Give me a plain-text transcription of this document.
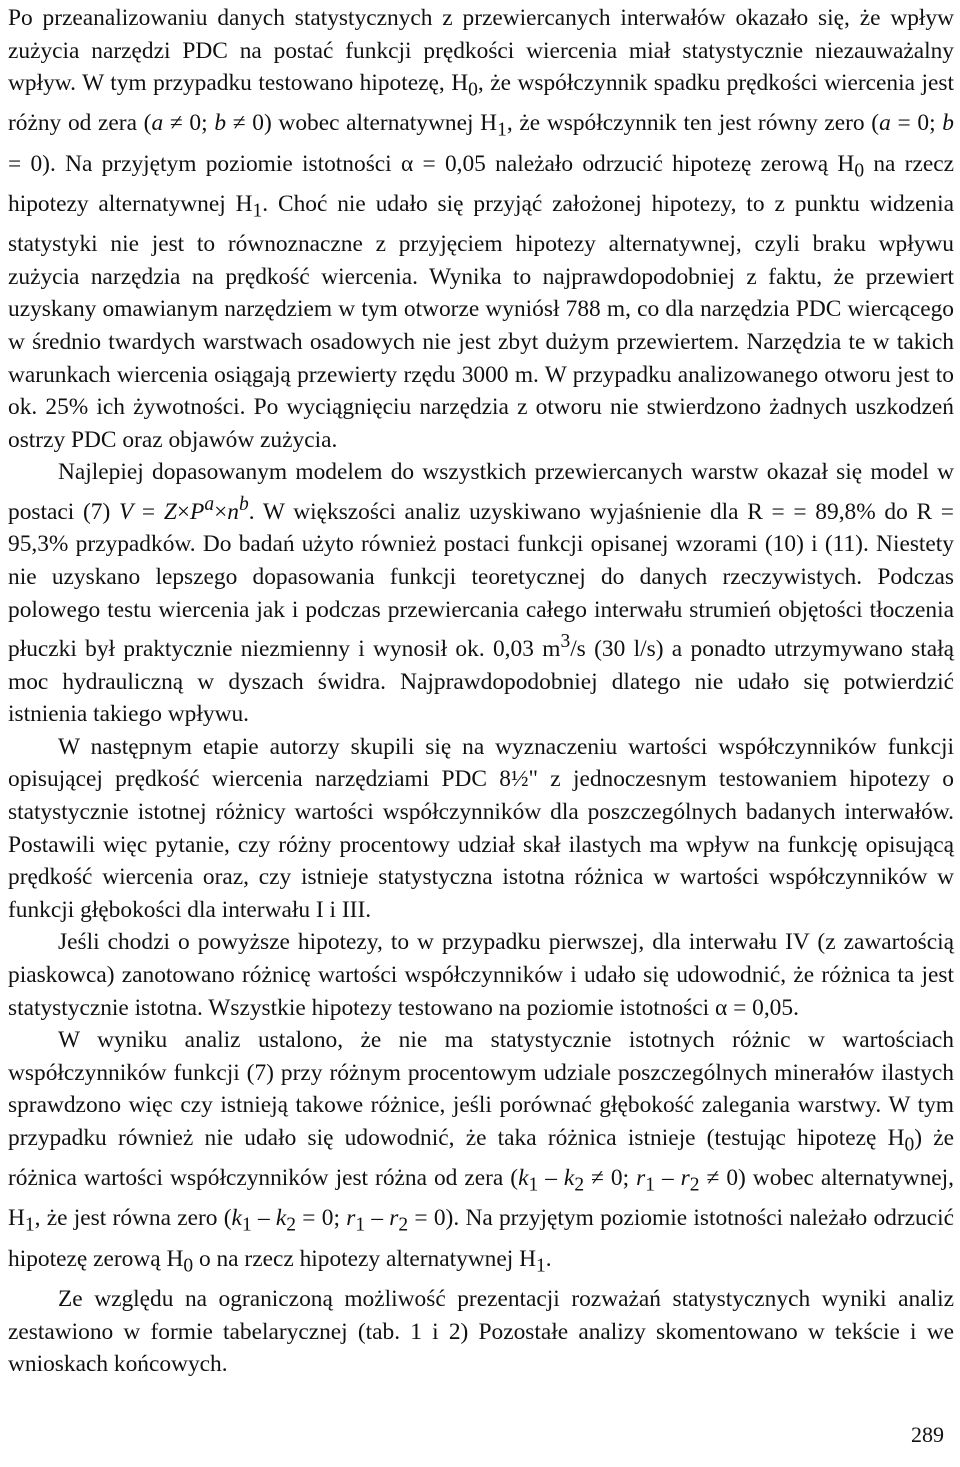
Po przeanalizowaniu danych statystycznych z przewiercanych interwałów okazało się, że wpływ zużycia narzędzi PDC na postać funkcji prędkości wiercenia miał statystycznie niezauważalny wpływ. W tym przypadku testowano hipotezę, $H_0$, że współczynnik spadku prędkości wiercenia jest różny od zera (a ≠ 0; b ≠ 0) wobec alternatywnej $H_1$, że współczynnik ten jest równy zero (a = 0; b = 0). Na przyjętym poziomie istotności α = 0,05 należało odrzucić hipotezę zerową $H_0$ na rzecz hipotezy alternatywnej $H_1$. Choć nie udało się przyjąć założonej hipotezy, to z punktu widzenia statystyki nie jest to równoznaczne z przyjęciem hipotezy alternatywnej, czyli braku wpływu zużycia narzędzia na prędkość wiercenia. Wynika to najprawdopodobniej z faktu, że przewiert uzyskany omawianym narzędziem w tym otworze wyniósł 788 m, co dla narzędzia PDC wiercącego w średnio twardych warstwach osadowych nie jest zbyt dużym przewiertem. Narzędzia te w takich warunkach wiercenia osiągają przewierty rzędu 3000 m. W przypadku analizowanego otworu jest to ok. 25% ich żywotności. Po wyciągnięciu narzędzia z otworu nie stwierdzono żadnych uszkodzeń ostrzy PDC oraz objawów zużycia.

Najlepiej dopasowanym modelem do wszystkich przewiercanych warstw okazał się model w postaci (7) $V = Z\times P^a\times n^b$. W większości analiz uzyskiwano wyjaśnienie dla R = = 89,8% do R = 95,3% przypadków. Do badań użyto również postaci funkcji opisanej wzorami (10) i (11). Niestety nie uzyskano lepszego dopasowania funkcji teoretycznej do danych rzeczywistych. Podczas polowego testu wiercenia jak i podczas przewiercania całego interwału strumień objętości tłoczenia płuczki był praktycznie niezmienny i wynosił ok. 0,03 $m^3/s$ (30 l/s) a ponadto utrzymywano stałą moc hydrauliczną w dyszach świdra. Najprawdopodobniej dlatego nie udało się potwierdzić istnienia takiego wpływu.

W następnym etapie autorzy skupili się na wyznaczeniu wartości współczynników funkcji opisującej prędkość wiercenia narzędziami PDC 8½" z jednoczesnym testowaniem hipotezy o statystycznie istotnej różnicy wartości współczynników dla poszczególnych badanych interwałów. Postawili więc pytanie, czy różny procentowy udział skał ilastych ma wpływ na funkcję opisującą prędkość wiercenia oraz, czy istnieje statystyczna istotna różnica w wartości współczynników w funkcji głębokości dla interwału I i III.

Jeśli chodzi o powyższe hipotezy, to w przypadku pierwszej, dla interwału IV (z zawartością piaskowca) zanotowano różnicę wartości współczynników i udało się udowodnić, że różnica ta jest statystycznie istotna. Wszystkie hipotezy testowano na poziomie istotności α = 0,05.

W wyniku analiz ustalono, że nie ma statystycznie istotnych różnic w wartościach współczynników funkcji (7) przy różnym procentowym udziale poszczególnych minerałów ilastych sprawdzono więc czy istnieją takowe różnice, jeśli porównać głębokość zalegania warstwy. W tym przypadku również nie udało się udowodnić, że taka różnica istnieje (testując hipotezę $H_0$) że różnica wartości współczynników jest różna od zera ($k_1 - k_2 \ne 0$; $r_1 - r_2 \ne 0$) wobec alternatywnej, $H_1$, że jest równa zero ($k_1 - k_2 = 0$; $r_1 - r_2 = 0$). Na przyjętym poziomie istotności należało odrzucić hipotezę zerową $H_0$ o na rzecz hipotezy alternatywnej $H_1$.

Ze względu na ograniczoną możliwość prezentacji rozważań statystycznych wyniki analiz zestawiono w formie tabelarycznej (tab. 1 i 2) Pozostałe analizy skomentowano w tekście i we wnioskach końcowych.

289
